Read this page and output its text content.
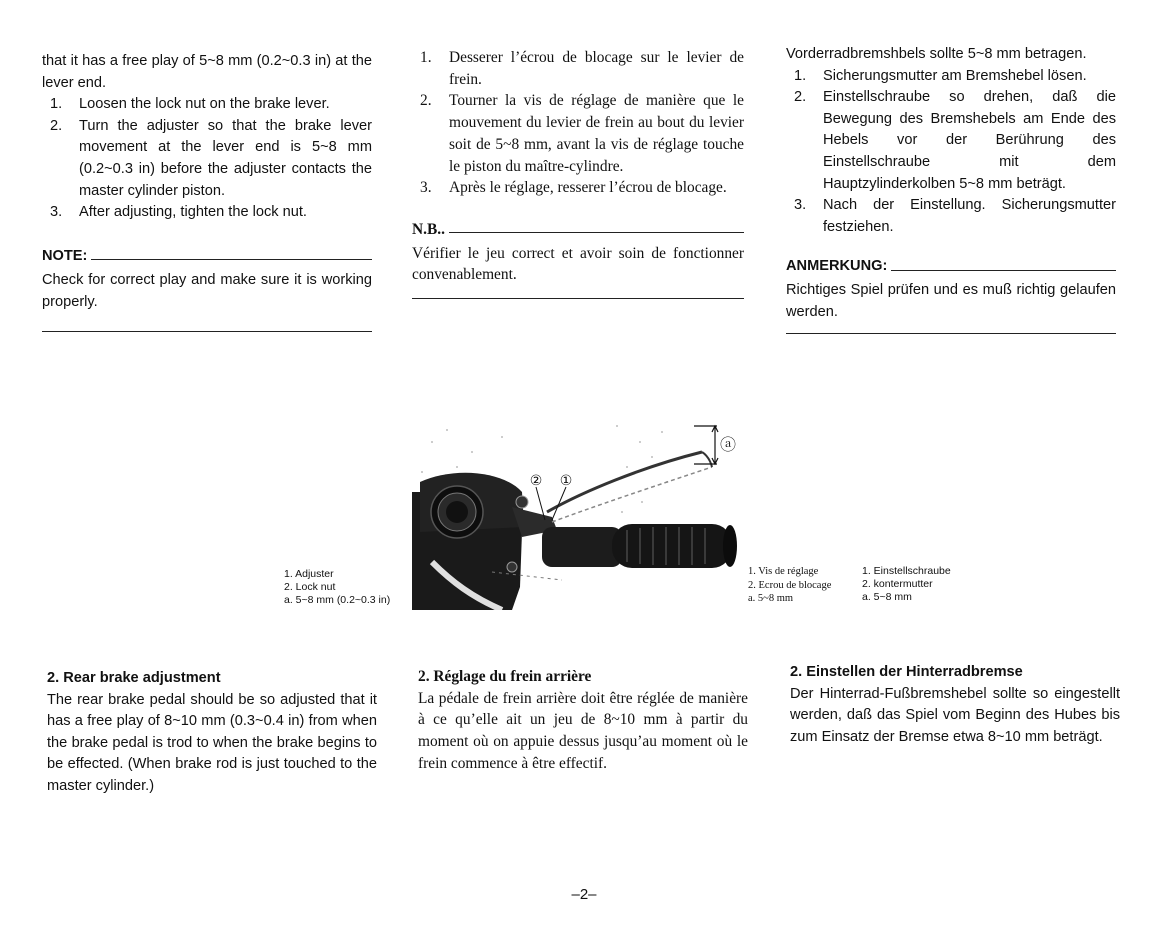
that it has a free play of 5~8 mm (0.2~0.3 in) at the lever end.

1. Loosen the lock nut on the brake lever.
2. Turn the adjuster so that the brake lever movement at the lever end is 5~8 mm (0.2~0.3 in) before the adjuster contacts the master cylinder piston.
3. After adjusting, tighten the lock nut.
NOTE:

Check for correct play and make sure it is working properly.

2. Rear brake adjustment

The rear brake pedal should be so adjusted that it has a free play of 8~10 mm (0.3~0.4 in) from when the brake pedal is trod to when the brake begins to be effected. (When brake rod is just touched to the master cylinder.)

1. Desserer l’écrou de blocage sur le levier de frein.
2. Tourner la vis de réglage de manière que le mouvement du levier de frein au bout du levier soit de 5~8 mm, avant la vis de réglage touche le piston du maître-cylindre.
3. Après le réglage, resserer l’écrou de blocage.
N.B..

Vérifier le jeu correct et avoir soin de fonctionner convenablement.

2. Réglage du frein arrière

La pédale de frein arrière doit être réglée de manière à ce qu’elle ait un jeu de 8~10 mm à partir du moment où on appuie dessus jusqu’au moment où le frein commence à être effectif.

Vorderradbremshbels sollte 5~8 mm betragen.

1. Sicherungsmutter am Bremshebel lösen.
2. Einstellschraube so drehen, daß die Bewegung des Bremshebels am Ende des Hebels vor der Berührung des Einstellschraube mit dem Hauptzylinderkolben 5~8 mm beträgt.
3. Nach der Einstellung. Sicherungsmutter festziehen.
ANMERKUNG:

Richtiges Spiel prüfen und es muß richtig gelaufen werden.

2. Einstellen der Hinterradbremse

Der Hinterrad-Fußbremshebel sollte so eingestellt werden, daß das Spiel vom Beginn des Hubes bis zum Einsatz der Bremse etwa 8~10 mm beträgt.

② ①
ⓐ
1. Adjuster
2. Lock nut
a. 5~8 mm (0.2~0.3 in)
1. Vis de réglage
2. Ecrou de blocage
a. 5~8 mm
1. Einstellschraube
2. kontermutter
a. 5~8 mm
–2–
